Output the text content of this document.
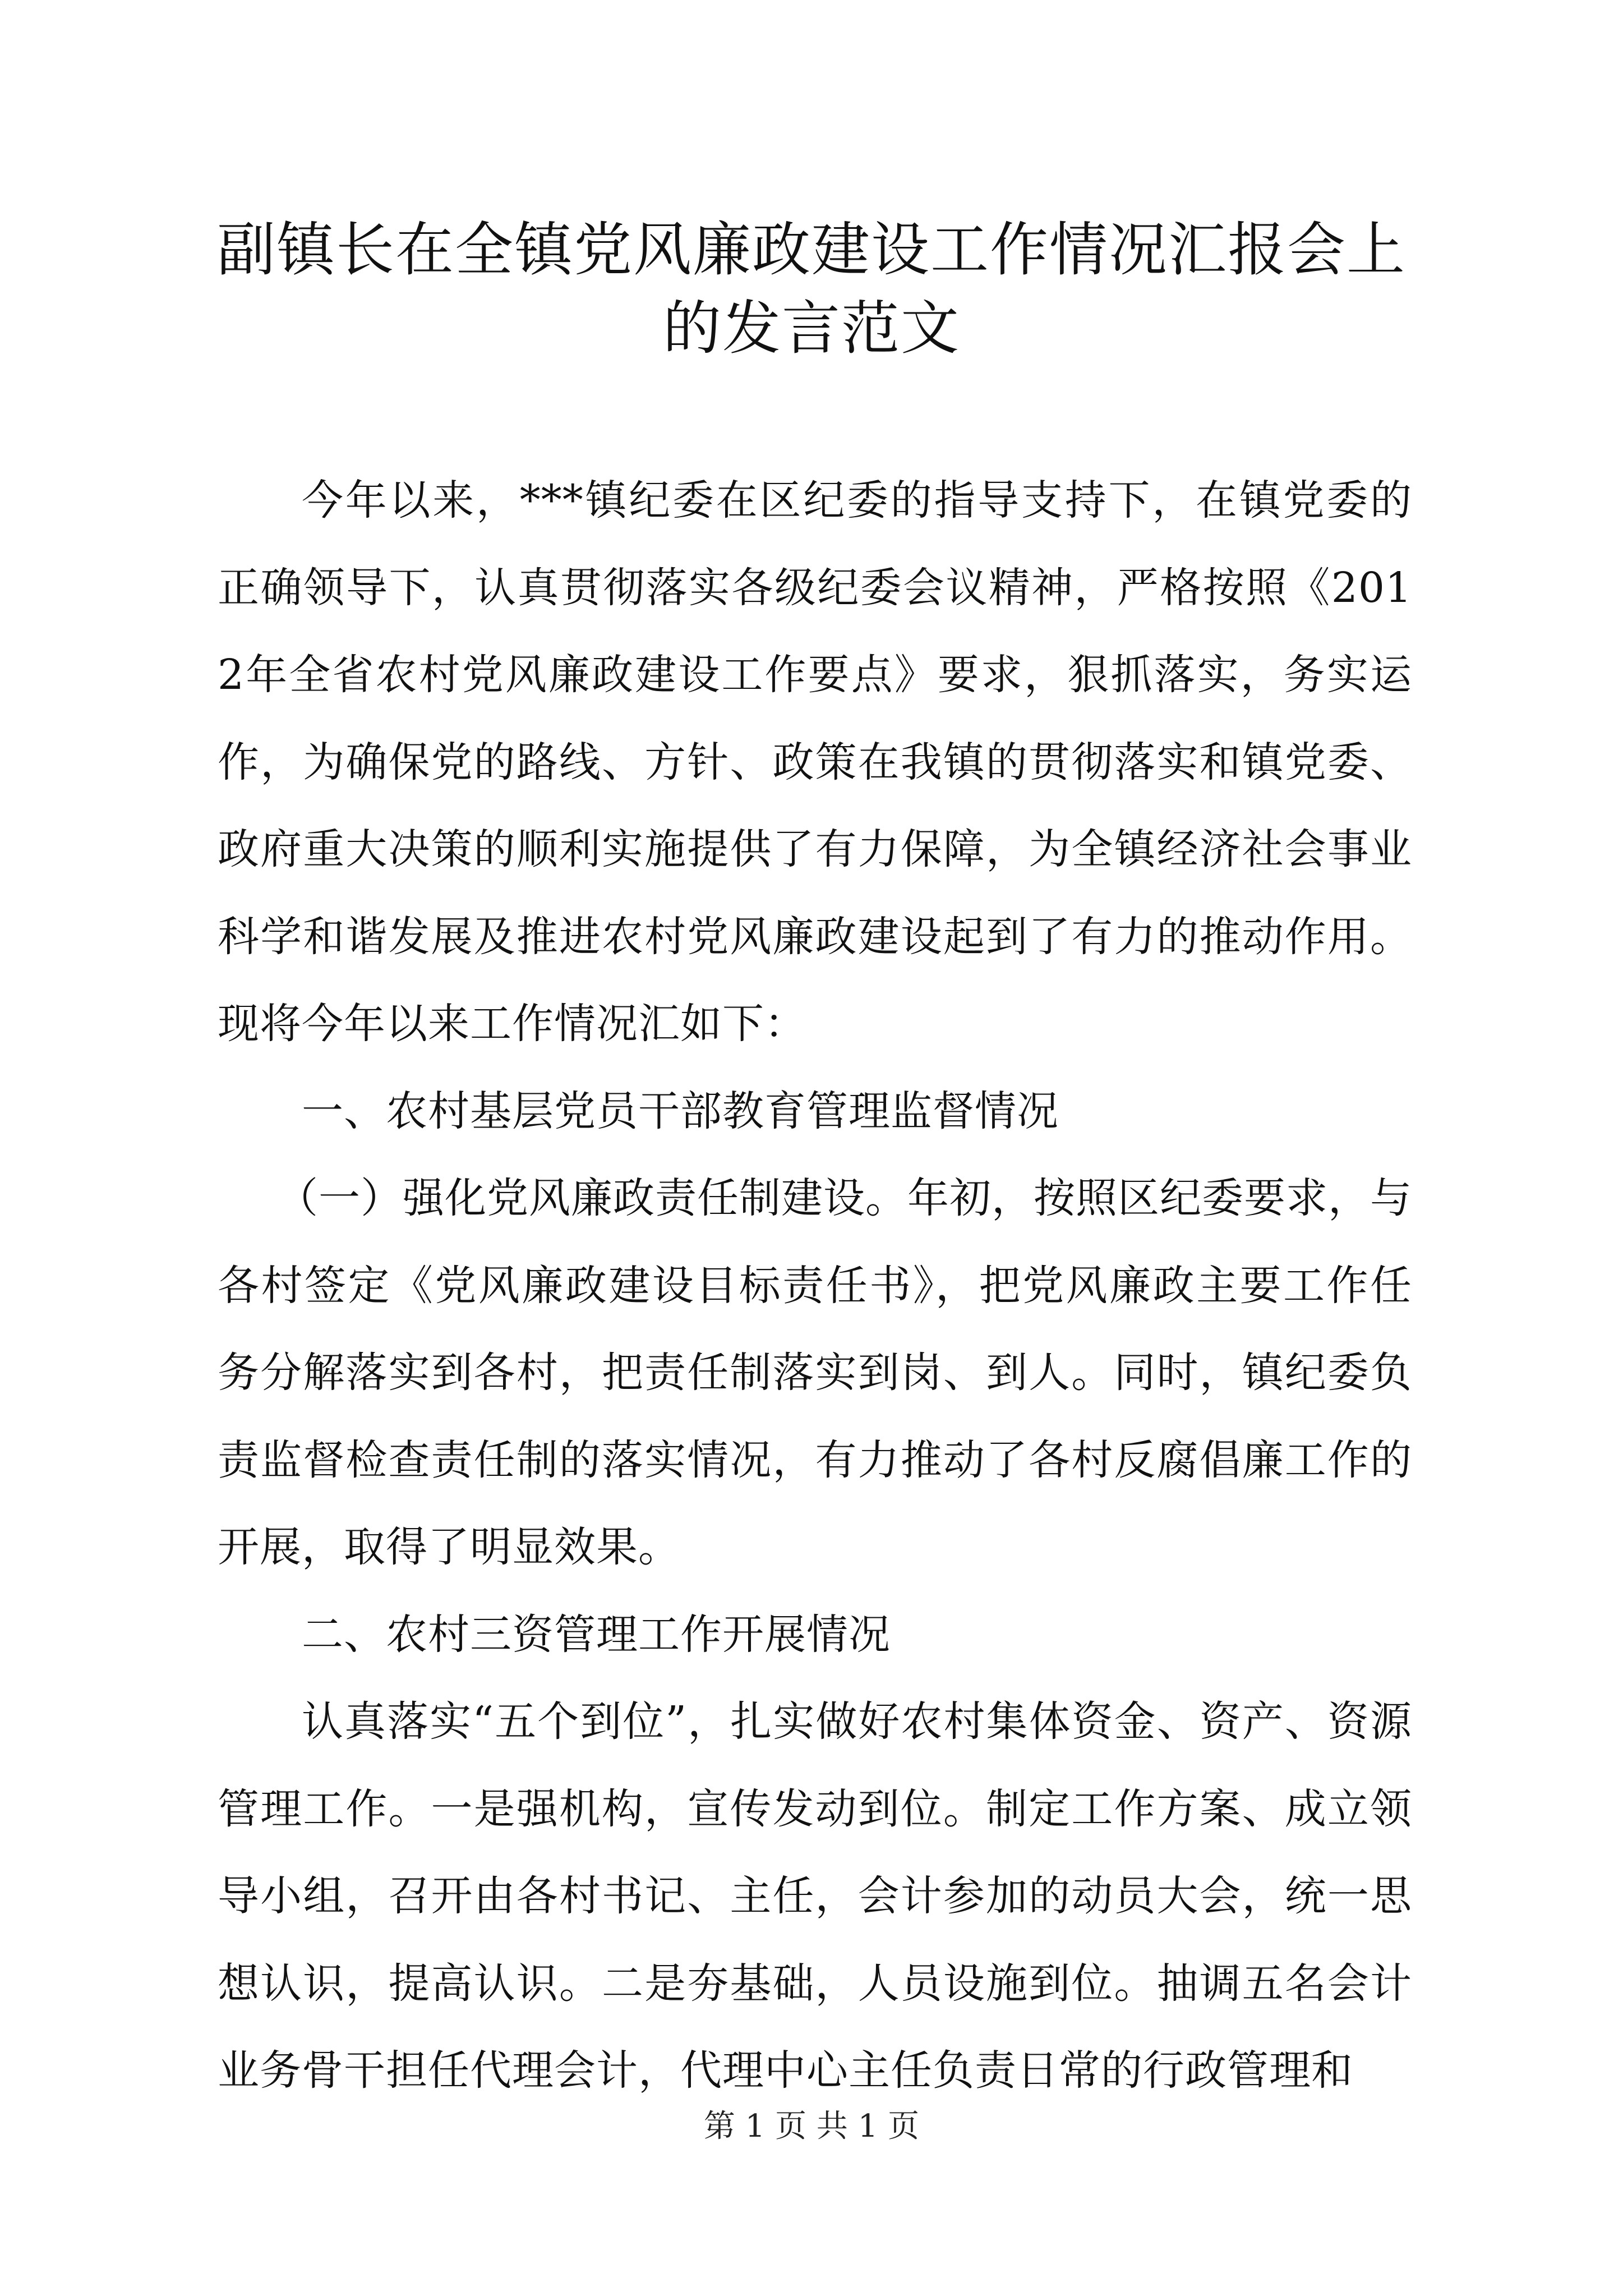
副镇长在全镇党风廉政建设工作情况汇报会上
的发言范文

今年以来，***镇纪委在区纪委的指导支持下，在镇党委的正确领导下，认真贯彻落实各级纪委会议精神，严格按照《2012年全省农村党风廉政建设工作要点》要求，狠抓落实，务实运作，为确保党的路线、方针、政策在我镇的贯彻落实和镇党委、政府重大决策的顺利实施提供了有力保障，为全镇经济社会事业科学和谐发展及推进农村党风廉政建设起到了有力的推动作用。现将今年以来工作情况汇如下：

一、农村基层党员干部教育管理监督情况

（一）强化党风廉政责任制建设。年初，按照区纪委要求，与各村签定《党风廉政建设目标责任书》，把党风廉政主要工作任务分解落实到各村，把责任制落实到岗、到人。同时，镇纪委负责监督检查责任制的落实情况，有力推动了各村反腐倡廉工作的开展，取得了明显效果。

二、农村三资管理工作开展情况

认真落实“五个到位”，扎实做好农村集体资金、资产、资源管理工作。一是强机构，宣传发动到位。制定工作方案、成立领导小组，召开由各村书记、主任，会计参加的动员大会，统一思想认识，提高认识。二是夯基础，人员设施到位。抽调五名会计业务骨干担任代理会计，代理中心主任负责日常的行政管理和

第 1 页 共 1 页
